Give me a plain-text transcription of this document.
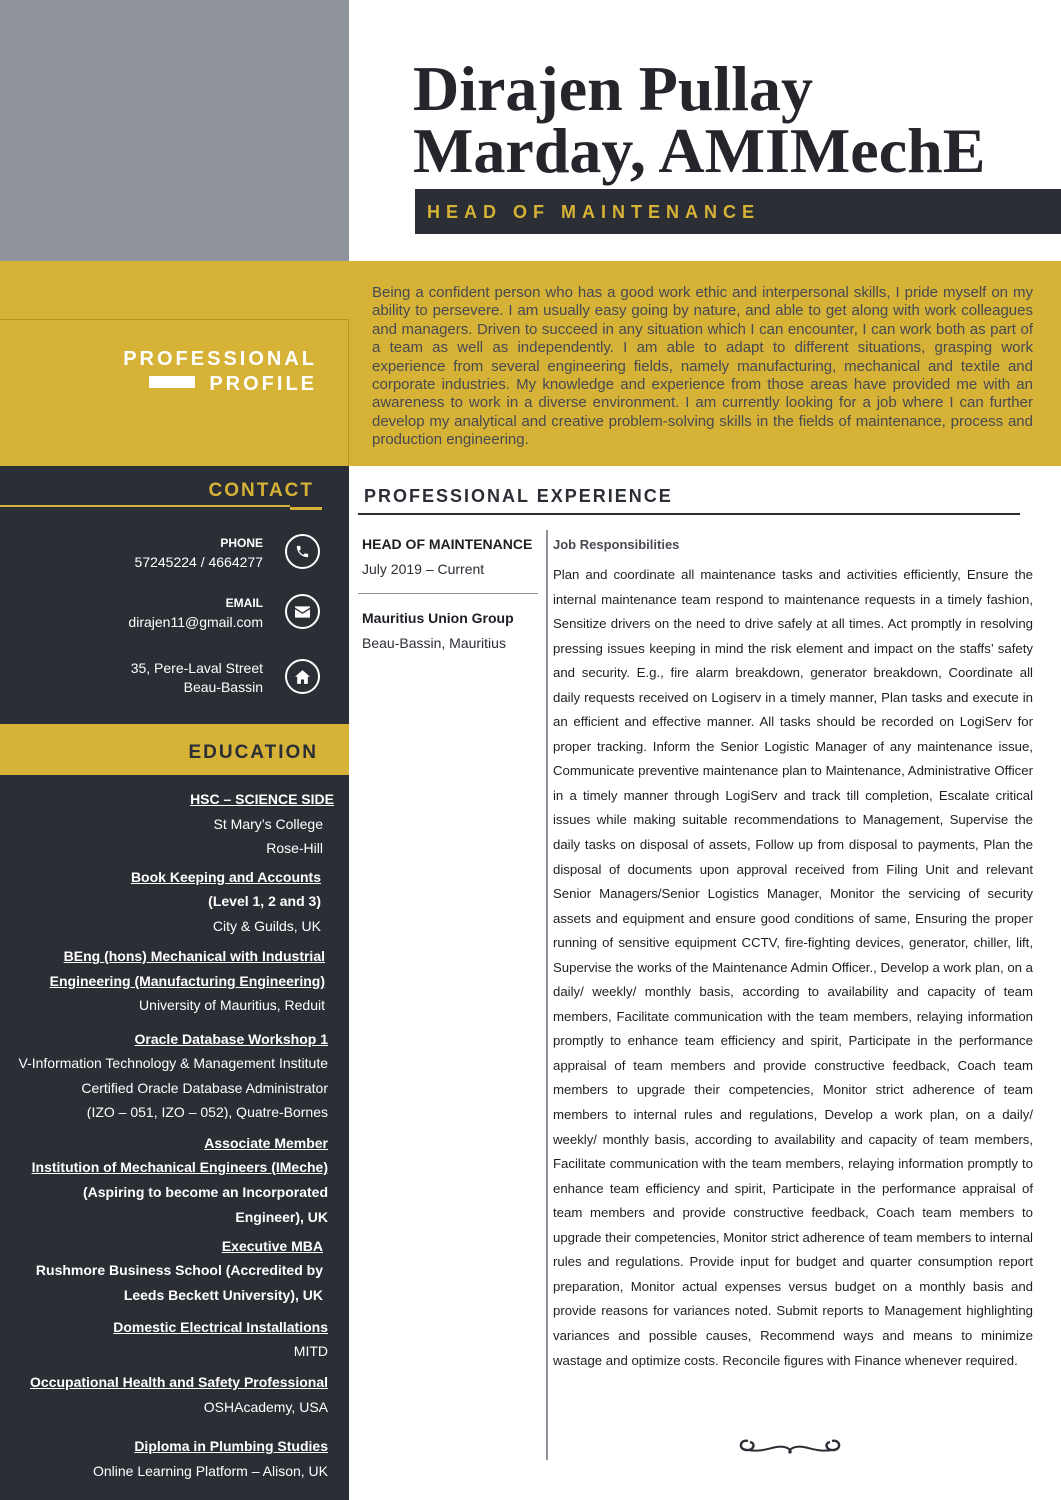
Dirajen Pullay
Marday, AMIMechE
HEAD OF MAINTENANCE
PROFESSIONAL
PROFILE
Being a confident person who has a good work ethic and interpersonal skills, I pride myself on my ability to persevere. I am usually easy going by nature, and able to get along with work colleagues and managers. Driven to succeed in any situation which I can encounter, I can work both as part of a team as well as independently. I am able to adapt to different situations, grasping work experience from several engineering fields, namely manufacturing, mechanical and textile and corporate industries. My knowledge and experience from those areas have provided me with an awareness to work in a diverse environment. I am currently looking for a job where I can further develop my analytical and creative problem-solving skills in the fields of maintenance, process and production engineering.
CONTACT
PHONE
57245224 / 4664277
EMAIL
dirajen11@gmail.com
35, Pere-Laval Street
Beau-Bassin
EDUCATION
HSC – SCIENCE SIDE
St Mary’s College
Rose-Hill
Book Keeping and Accounts
(Level 1, 2 and 3)
City & Guilds, UK
BEng (hons) Mechanical with Industrial
Engineering (Manufacturing Engineering)
University of Mauritius, Reduit
Oracle Database Workshop 1
V-Information Technology & Management Institute
Certified Oracle Database Administrator
(IZO – 051, IZO – 052), Quatre-Bornes
Associate Member
Institution of Mechanical Engineers (IMeche)
(Aspiring to become an Incorporated
Engineer), UK
Executive MBA
Rushmore Business School (Accredited by
Leeds Beckett University), UK
Domestic Electrical Installations
MITD
Occupational Health and Safety Professional
OSHAcademy, USA
Diploma in Plumbing Studies
Online Learning Platform – Alison, UK
PROFESSIONAL EXPERIENCE
HEAD OF MAINTENANCE
July 2019 – Current
Mauritius Union Group
Beau-Bassin, Mauritius
Job Responsibilities
Plan and coordinate all maintenance tasks and activities efficiently, Ensure the internal maintenance team respond to maintenance requests in a timely fashion, Sensitize drivers on the need to drive safely at all times. Act promptly in resolving pressing issues keeping in mind the risk element and impact on the staffs’ safety and security. E.g., fire alarm breakdown, generator breakdown, Coordinate all daily requests received on Logiserv in a timely manner, Plan tasks and execute in an efficient and effective manner. All tasks should be recorded on LogiServ for proper tracking. Inform the Senior Logistic Manager of any maintenance issue, Communicate preventive maintenance plan to Maintenance, Administrative Officer in a timely manner through LogiServ and track till completion, Escalate critical issues while making suitable recommendations to Management, Supervise the daily tasks on disposal of assets, Follow up from disposal to payments, Plan the disposal of documents upon approval received from Filing Unit and relevant Senior Managers/Senior Logistics Manager, Monitor the servicing of security assets and equipment and ensure good conditions of same, Ensuring the proper running of sensitive equipment CCTV, fire-fighting devices, generator, chiller, lift, Supervise the works of the Maintenance Admin Officer., Develop a work plan, on a daily/ weekly/ monthly basis, according to availability and capacity of team members, Facilitate communication with the team members, relaying information promptly to enhance team efficiency and spirit, Participate in the performance appraisal of team members and provide constructive feedback, Coach team members to upgrade their competencies, Monitor strict adherence of team members to internal rules and regulations, Develop a work plan, on a daily/ weekly/ monthly basis, according to availability and capacity of team members, Facilitate communication with the team members, relaying information promptly to enhance team efficiency and spirit, Participate in the performance appraisal of team members and provide constructive feedback, Coach team members to upgrade their competencies, Monitor strict adherence of team members to internal rules and regulations. Provide input for budget and quarter consumption report preparation, Monitor actual expenses versus budget on a monthly basis and provide reasons for variances noted. Submit reports to Management highlighting variances and possible causes, Recommend ways and means to minimize wastage and optimize costs. Reconcile figures with Finance whenever required.
